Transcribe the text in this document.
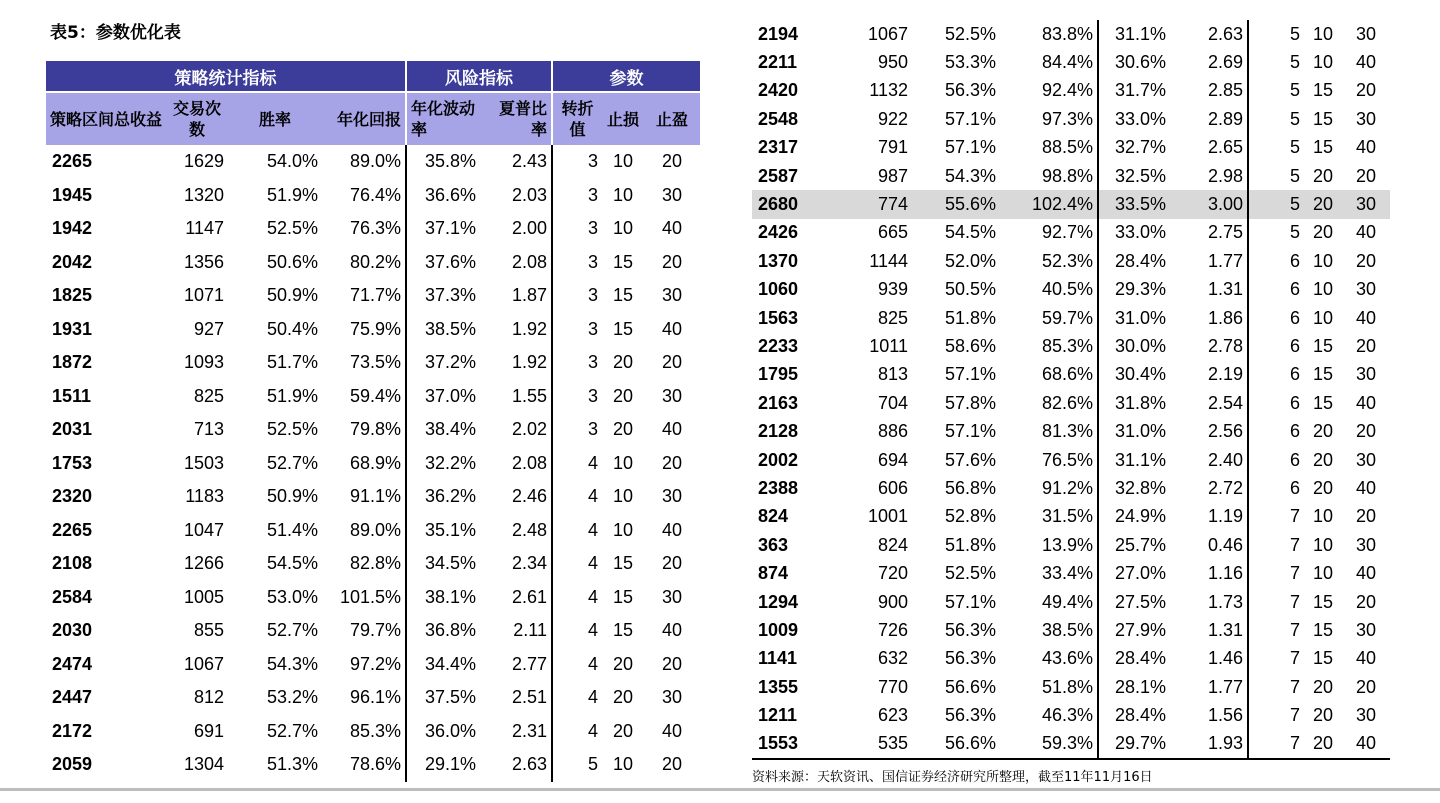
表5：参数优化表
策略统计指标				风险指标		参数		

策略区间总收益	交易次数	胜率	年化回报	年化波动率	夏普比率	转折值	止损	止盈
2265	1629	54.0%	89.0%	35.8%	2.43	3	10	20
1945	1320	51.9%	76.4%	36.6%	2.03	3	10	30
1942	1147	52.5%	76.3%	37.1%	2.00	3	10	40
2042	1356	50.6%	80.2%	37.6%	2.08	3	15	20
1825	1071	50.9%	71.7%	37.3%	1.87	3	15	30
1931	927	50.4%	75.9%	38.5%	1.92	3	15	40
1872	1093	51.7%	73.5%	37.2%	1.92	3	20	20
1511	825	51.9%	59.4%	37.0%	1.55	3	20	30
2031	713	52.5%	79.8%	38.4%	2.02	3	20	40
1753	1503	52.7%	68.9%	32.2%	2.08	4	10	20
2320	1183	50.9%	91.1%	36.2%	2.46	4	10	30
2265	1047	51.4%	89.0%	35.1%	2.48	4	10	40
2108	1266	54.5%	82.8%	34.5%	2.34	4	15	20
2584	1005	53.0%	101.5%	38.1%	2.61	4	15	30
2030	855	52.7%	79.7%	36.8%	2.11	4	15	40
2474	1067	54.3%	97.2%	34.4%	2.77	4	20	20
2447	812	53.2%	96.1%	37.5%	2.51	4	20	30
2172	691	52.7%	85.3%	36.0%	2.31	4	20	40
2059	1304	51.3%	78.6%	29.1%	2.63	5	10	20
2194	1067	52.5%	83.8%	31.1%	2.63	5	10	30
2211	950	53.3%	84.4%	30.6%	2.69	5	10	40
2420	1132	56.3%	92.4%	31.7%	2.85	5	15	20
2548	922	57.1%	97.3%	33.0%	2.89	5	15	30
2317	791	57.1%	88.5%	32.7%	2.65	5	15	40
2587	987	54.3%	98.8%	32.5%	2.98	5	20	20
2680	774	55.6%	102.4%	33.5%	3.00	5	20	30
2426	665	54.5%	92.7%	33.0%	2.75	5	20	40
1370	1144	52.0%	52.3%	28.4%	1.77	6	10	20
1060	939	50.5%	40.5%	29.3%	1.31	6	10	30
1563	825	51.8%	59.7%	31.0%	1.86	6	10	40
2233	1011	58.6%	85.3%	30.0%	2.78	6	15	20
1795	813	57.1%	68.6%	30.4%	2.19	6	15	30
2163	704	57.8%	82.6%	31.8%	2.54	6	15	40
2128	886	57.1%	81.3%	31.0%	2.56	6	20	20
2002	694	57.6%	76.5%	31.1%	2.40	6	20	30
2388	606	56.8%	91.2%	32.8%	2.72	6	20	40
824	1001	52.8%	31.5%	24.9%	1.19	7	10	20
363	824	51.8%	13.9%	25.7%	0.46	7	10	30
874	720	52.5%	33.4%	27.0%	1.16	7	10	40
1294	900	57.1%	49.4%	27.5%	1.73	7	15	20
1009	726	56.3%	38.5%	27.9%	1.31	7	15	30
1141	632	56.3%	43.6%	28.4%	1.46	7	15	40
1355	770	56.6%	51.8%	28.1%	1.77	7	20	20
1211	623	56.3%	46.3%	28.4%	1.56	7	20	30
1553	535	56.6%	59.3%	29.7%	1.93	7	20	40
资料来源：天软资讯、国信证券经济研究所整理，截至11年11月16日
